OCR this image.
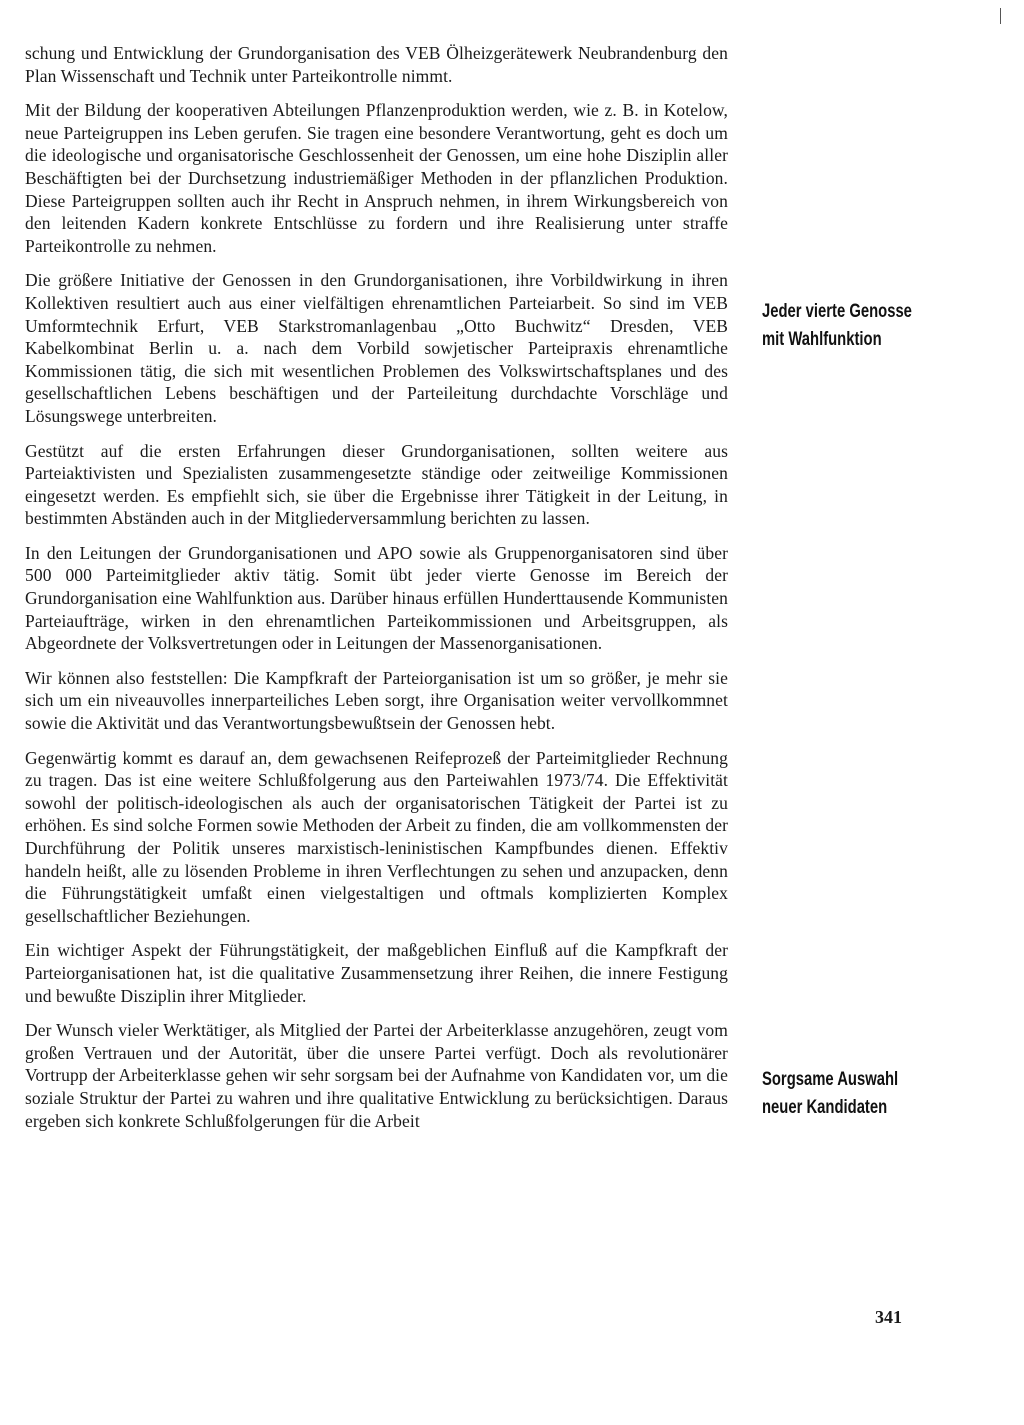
schung und Entwicklung der Grundorganisation des VEB Ölheizgerätewerk Neubrandenburg den Plan Wissenschaft und Technik unter Parteikontrolle nimmt.

Mit der Bildung der kooperativen Abteilungen Pflanzenproduktion werden, wie z. B. in Kotelow, neue Parteigruppen ins Leben gerufen. Sie tragen eine besondere Verantwortung, geht es doch um die ideologische und organisatorische Geschlossenheit der Genossen, um eine hohe Disziplin aller Beschäftigten bei der Durchsetzung industriemäßiger Methoden in der pflanzlichen Produktion. Diese Parteigruppen sollten auch ihr Recht in Anspruch nehmen, in ihrem Wirkungsbereich von den leitenden Kadern konkrete Entschlüsse zu fordern und ihre Realisierung unter straffe Parteikontrolle zu nehmen.

Die größere Initiative der Genossen in den Grundorganisationen, ihre Vorbildwirkung in ihren Kollektiven resultiert auch aus einer vielfältigen ehrenamtlichen Parteiarbeit. So sind im VEB Umformtechnik Erfurt, VEB Starkstromanlagenbau „Otto Buchwitz“ Dresden, VEB Kabelkombinat Berlin u. a. nach dem Vorbild sowjetischer Parteipraxis ehrenamtliche Kommissionen tätig, die sich mit wesentlichen Problemen des Volkswirtschaftsplanes und des gesellschaftlichen Lebens beschäftigen und der Parteileitung durchdachte Vorschläge und Lösungswege unterbreiten.

Gestützt auf die ersten Erfahrungen dieser Grundorganisationen, sollten weitere aus Parteiaktivisten und Spezialisten zusammengesetzte ständige oder zeitweilige Kommissionen eingesetzt werden. Es empfiehlt sich, sie über die Ergebnisse ihrer Tätigkeit in der Leitung, in bestimmten Abständen auch in der Mitgliederversammlung berichten zu lassen.

In den Leitungen der Grundorganisationen und APO sowie als Gruppenorganisatoren sind über 500 000 Parteimitglieder aktiv tätig. Somit übt jeder vierte Genosse im Bereich der Grundorganisation eine Wahlfunktion aus. Darüber hinaus erfüllen Hunderttausende Kommunisten Parteiaufträge, wirken in den ehrenamtlichen Parteikommissionen und Arbeitsgruppen, als Abgeordnete der Volksvertretungen oder in Leitungen der Massenorganisationen.

Wir können also feststellen: Die Kampfkraft der Parteiorganisation ist um so größer, je mehr sie sich um ein niveauvolles innerparteiliches Leben sorgt, ihre Organisation weiter vervollkommnet sowie die Aktivität und das Verantwortungsbewußtsein der Genossen hebt.

Gegenwärtig kommt es darauf an, dem gewachsenen Reifeprozeß der Parteimitglieder Rechnung zu tragen. Das ist eine weitere Schlußfolgerung aus den Parteiwahlen 1973/74. Die Effektivität sowohl der politisch-ideologischen als auch der organisatorischen Tätigkeit der Partei ist zu erhöhen. Es sind solche Formen sowie Methoden der Arbeit zu finden, die am vollkommensten der Durchführung der Politik unseres marxistisch-leninistischen Kampfbundes dienen. Effektiv handeln heißt, alle zu lösenden Probleme in ihren Verflechtungen zu sehen und anzupacken, denn die Führungstätigkeit umfaßt einen vielgestaltigen und oftmals komplizierten Komplex gesellschaftlicher Beziehungen.

Ein wichtiger Aspekt der Führungstätigkeit, der maßgeblichen Einfluß auf die Kampfkraft der Parteiorganisationen hat, ist die qualitative Zusammensetzung ihrer Reihen, die innere Festigung und bewußte Disziplin ihrer Mitglieder.

Der Wunsch vieler Werktätiger, als Mitglied der Partei der Arbeiterklasse anzugehören, zeugt vom großen Vertrauen und der Autorität, über die unsere Partei verfügt. Doch als revolutionärer Vortrupp der Arbeiterklasse gehen wir sehr sorgsam bei der Aufnahme von Kandidaten vor, um die soziale Struktur der Partei zu wahren und ihre qualitative Entwicklung zu berücksichtigen. Daraus ergeben sich konkrete Schlußfolgerungen für die Arbeit

Jeder vierte Genosse
mit Wahlfunktion
Sorgsame Auswahl
neuer Kandidaten
341
